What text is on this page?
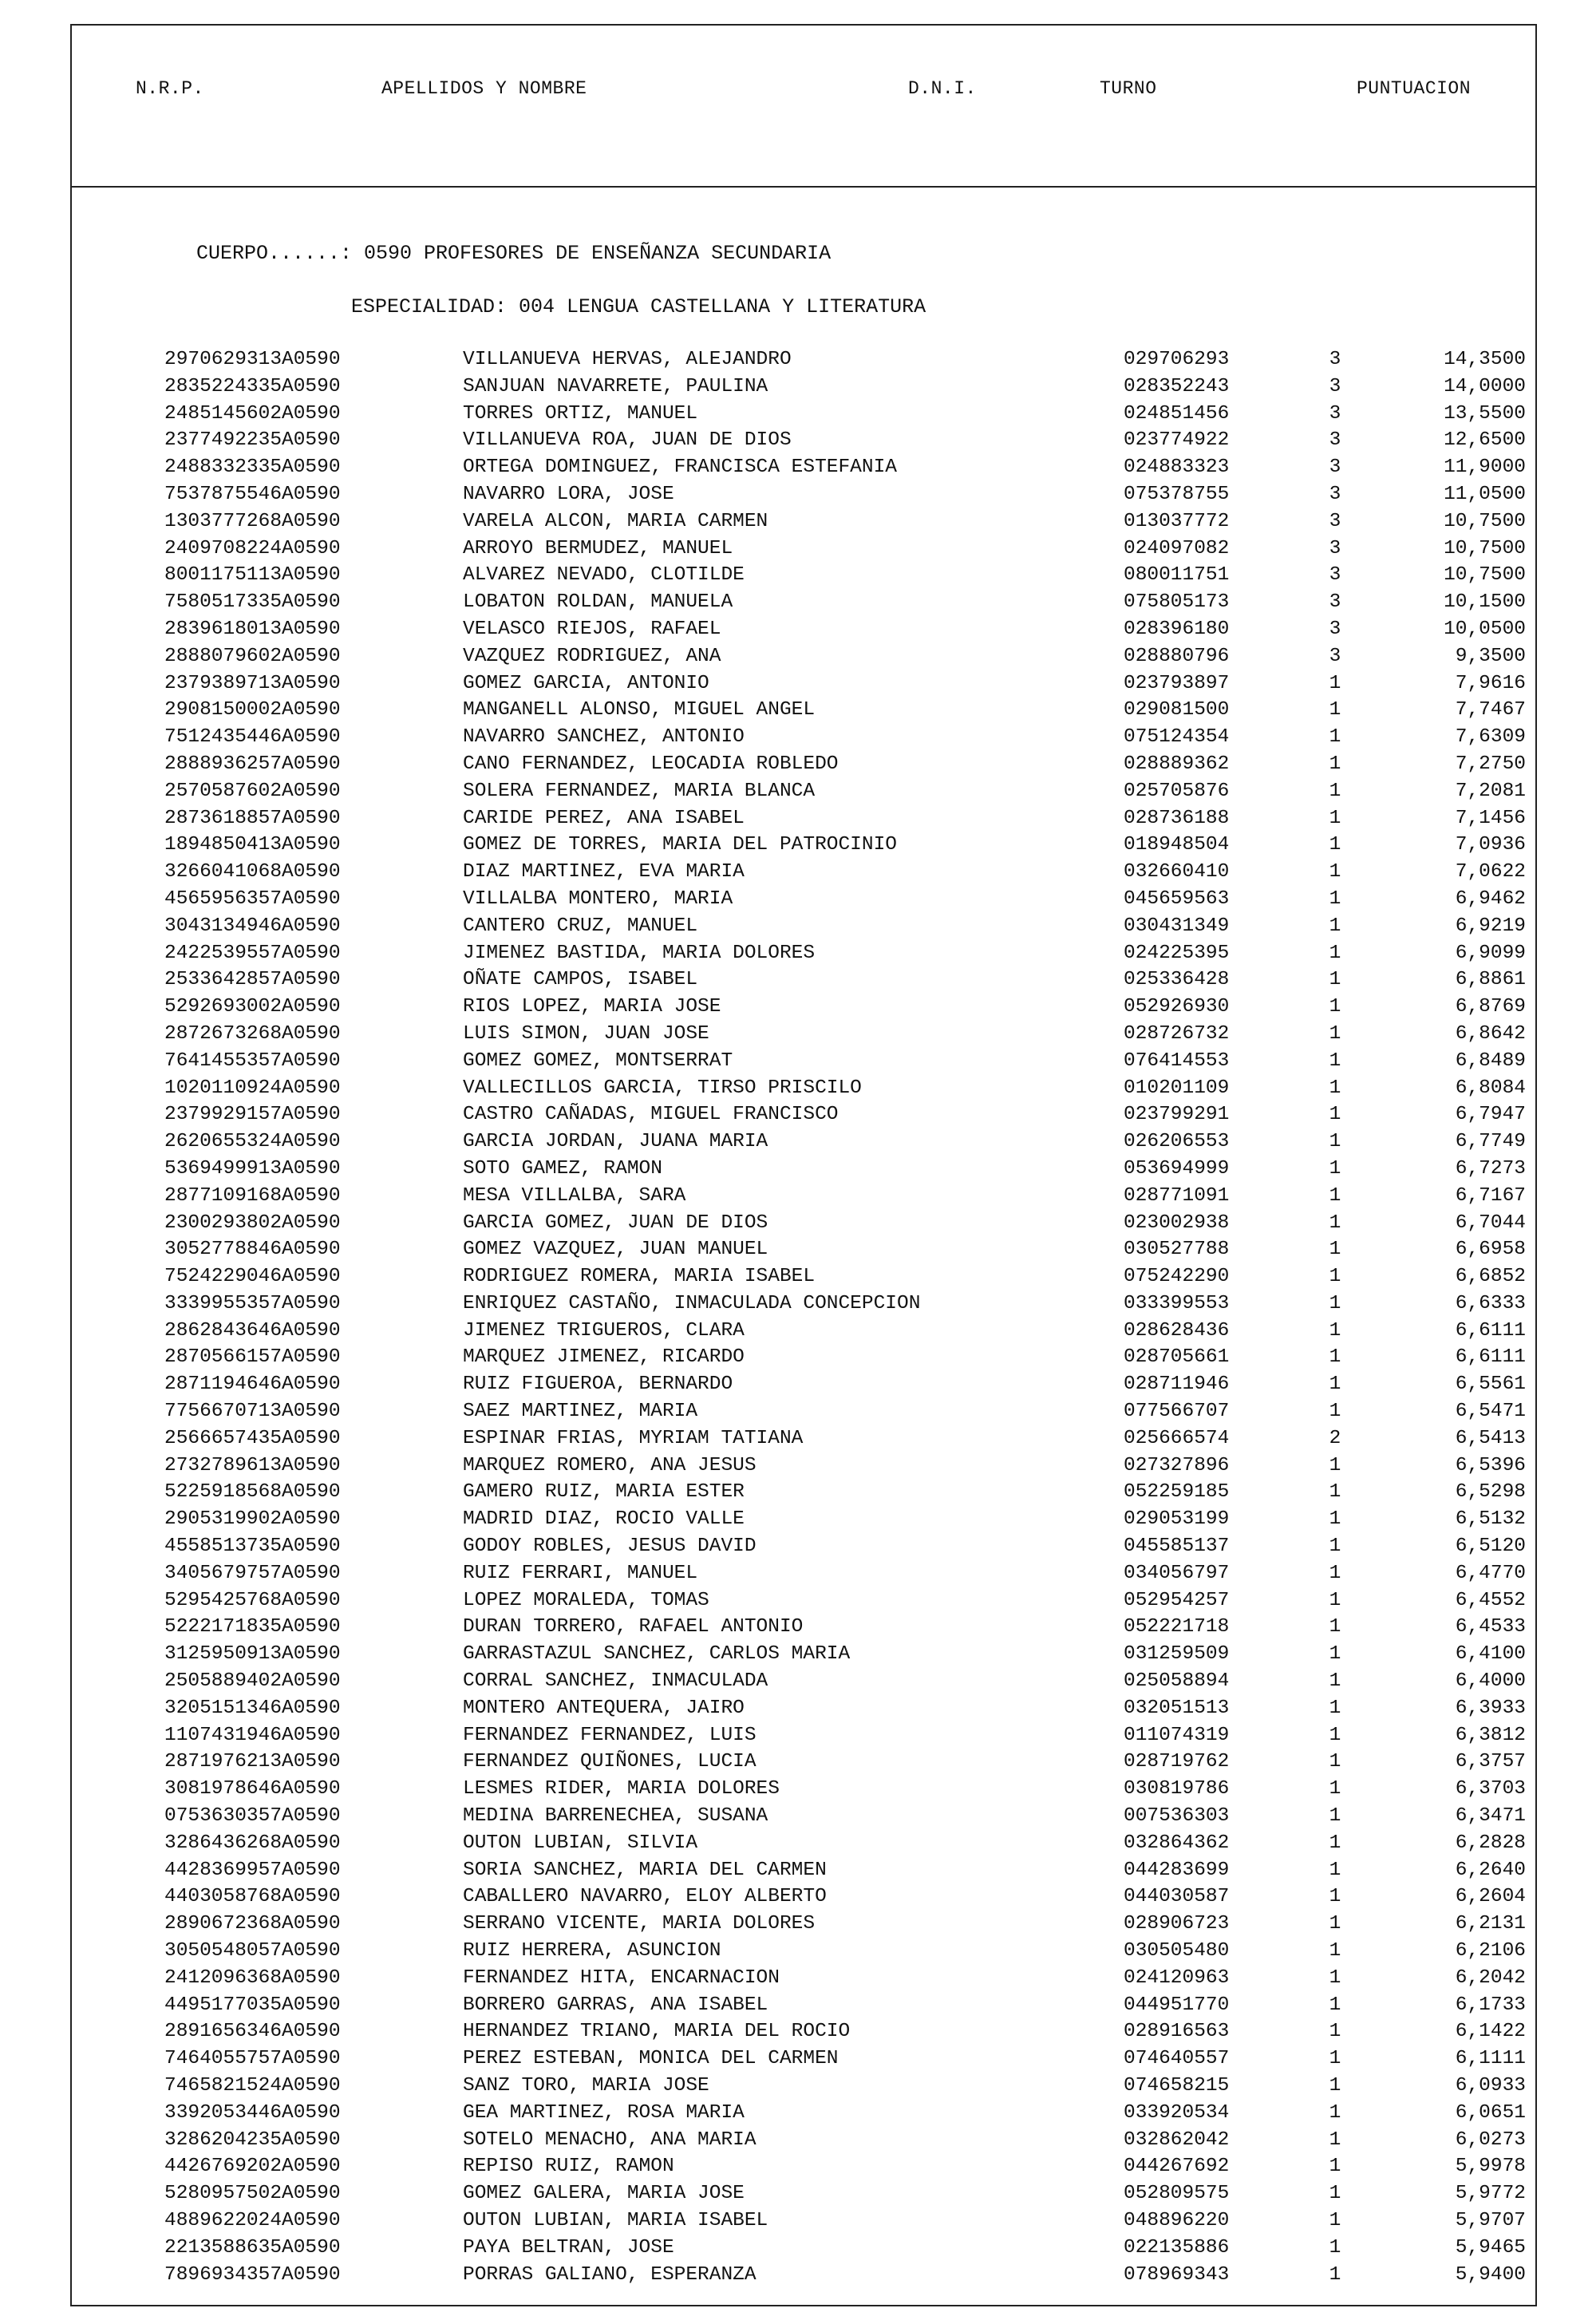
N.R.P.	APELLIDOS Y NOMBRE	D.N.I.	TURNO	PUNTUACION
CUERPO......: 0590 PROFESORES DE ENSEÑANZA SECUNDARIA
ESPECIALIDAD: 004 LENGUA CASTELLANA Y LITERATURA
2970629313A0590	VILLANUEVA HERVAS, ALEJANDRO	029706293	3	14,3500
2835224335A0590	SANJUAN NAVARRETE, PAULINA	028352243	3	14,0000
2485145602A0590	TORRES ORTIZ, MANUEL	024851456	3	13,5500
2377492235A0590	VILLANUEVA ROA, JUAN DE DIOS	023774922	3	12,6500
2488332335A0590	ORTEGA DOMINGUEZ, FRANCISCA ESTEFANIA	024883323	3	11,9000
7537875546A0590	NAVARRO LORA, JOSE	075378755	3	11,0500
1303777268A0590	VARELA ALCON, MARIA CARMEN	013037772	3	10,7500
2409708224A0590	ARROYO BERMUDEZ, MANUEL	024097082	3	10,7500
8001175113A0590	ALVAREZ NEVADO, CLOTILDE	080011751	3	10,7500
7580517335A0590	LOBATON ROLDAN, MANUELA	075805173	3	10,1500
2839618013A0590	VELASCO RIEJOS, RAFAEL	028396180	3	10,0500
2888079602A0590	VAZQUEZ RODRIGUEZ, ANA	028880796	3	9,3500
2379389713A0590	GOMEZ GARCIA, ANTONIO	023793897	1	7,9616
2908150002A0590	MANGANELL ALONSO, MIGUEL ANGEL	029081500	1	7,7467
7512435446A0590	NAVARRO SANCHEZ, ANTONIO	075124354	1	7,6309
2888936257A0590	CANO FERNANDEZ, LEOCADIA ROBLEDO	028889362	1	7,2750
2570587602A0590	SOLERA FERNANDEZ, MARIA BLANCA	025705876	1	7,2081
2873618857A0590	CARIDE PEREZ, ANA ISABEL	028736188	1	7,1456
1894850413A0590	GOMEZ DE TORRES, MARIA DEL PATROCINIO	018948504	1	7,0936
3266041068A0590	DIAZ MARTINEZ, EVA MARIA	032660410	1	7,0622
4565956357A0590	VILLALBA MONTERO, MARIA	045659563	1	6,9462
3043134946A0590	CANTERO CRUZ, MANUEL	030431349	1	6,9219
2422539557A0590	JIMENEZ BASTIDA, MARIA DOLORES	024225395	1	6,9099
2533642857A0590	OÑATE CAMPOS, ISABEL	025336428	1	6,8861
5292693002A0590	RIOS LOPEZ, MARIA JOSE	052926930	1	6,8769
2872673268A0590	LUIS SIMON, JUAN JOSE	028726732	1	6,8642
7641455357A0590	GOMEZ GOMEZ, MONTSERRAT	076414553	1	6,8489
1020110924A0590	VALLECILLOS GARCIA, TIRSO PRISCILO	010201109	1	6,8084
2379929157A0590	CASTRO CAÑADAS, MIGUEL FRANCISCO	023799291	1	6,7947
2620655324A0590	GARCIA JORDAN, JUANA MARIA	026206553	1	6,7749
5369499913A0590	SOTO GAMEZ, RAMON	053694999	1	6,7273
2877109168A0590	MESA VILLALBA, SARA	028771091	1	6,7167
2300293802A0590	GARCIA GOMEZ, JUAN DE DIOS	023002938	1	6,7044
3052778846A0590	GOMEZ VAZQUEZ, JUAN MANUEL	030527788	1	6,6958
7524229046A0590	RODRIGUEZ ROMERA, MARIA ISABEL	075242290	1	6,6852
3339955357A0590	ENRIQUEZ CASTAÑO, INMACULADA CONCEPCION	033399553	1	6,6333
2862843646A0590	JIMENEZ TRIGUEROS, CLARA	028628436	1	6,6111
2870566157A0590	MARQUEZ JIMENEZ, RICARDO	028705661	1	6,6111
2871194646A0590	RUIZ FIGUEROA, BERNARDO	028711946	1	6,5561
7756670713A0590	SAEZ MARTINEZ, MARIA	077566707	1	6,5471
2566657435A0590	ESPINAR FRIAS, MYRIAM TATIANA	025666574	2	6,5413
2732789613A0590	MARQUEZ ROMERO, ANA JESUS	027327896	1	6,5396
5225918568A0590	GAMERO RUIZ, MARIA ESTER	052259185	1	6,5298
2905319902A0590	MADRID DIAZ, ROCIO VALLE	029053199	1	6,5132
4558513735A0590	GODOY ROBLES, JESUS DAVID	045585137	1	6,5120
3405679757A0590	RUIZ FERRARI, MANUEL	034056797	1	6,4770
5295425768A0590	LOPEZ MORALEDA, TOMAS	052954257	1	6,4552
5222171835A0590	DURAN TORRERO, RAFAEL ANTONIO	052221718	1	6,4533
3125950913A0590	GARRASTAZUL SANCHEZ, CARLOS MARIA	031259509	1	6,4100
2505889402A0590	CORRAL SANCHEZ, INMACULADA	025058894	1	6,4000
3205151346A0590	MONTERO ANTEQUERA, JAIRO	032051513	1	6,3933
1107431946A0590	FERNANDEZ FERNANDEZ, LUIS	011074319	1	6,3812
2871976213A0590	FERNANDEZ QUIÑONES, LUCIA	028719762	1	6,3757
3081978646A0590	LESMES RIDER, MARIA DOLORES	030819786	1	6,3703
0753630357A0590	MEDINA BARRENECHEA, SUSANA	007536303	1	6,3471
3286436268A0590	OUTON LUBIAN, SILVIA	032864362	1	6,2828
4428369957A0590	SORIA SANCHEZ, MARIA DEL CARMEN	044283699	1	6,2640
4403058768A0590	CABALLERO NAVARRO, ELOY ALBERTO	044030587	1	6,2604
2890672368A0590	SERRANO VICENTE, MARIA DOLORES	028906723	1	6,2131
3050548057A0590	RUIZ HERRERA, ASUNCION	030505480	1	6,2106
2412096368A0590	FERNANDEZ HITA, ENCARNACION	024120963	1	6,2042
4495177035A0590	BORRERO GARRAS, ANA ISABEL	044951770	1	6,1733
2891656346A0590	HERNANDEZ TRIANO, MARIA DEL ROCIO	028916563	1	6,1422
7464055757A0590	PEREZ ESTEBAN, MONICA DEL CARMEN	074640557	1	6,1111
7465821524A0590	SANZ TORO, MARIA JOSE	074658215	1	6,0933
3392053446A0590	GEA MARTINEZ, ROSA MARIA	033920534	1	6,0651
3286204235A0590	SOTELO MENACHO, ANA MARIA	032862042	1	6,0273
4426769202A0590	REPISO RUIZ, RAMON	044267692	1	5,9978
5280957502A0590	GOMEZ GALERA, MARIA JOSE	052809575	1	5,9772
4889622024A0590	OUTON LUBIAN, MARIA ISABEL	048896220	1	5,9707
2213588635A0590	PAYA BELTRAN, JOSE	022135886	1	5,9465
7896934357A0590	PORRAS GALIANO, ESPERANZA	078969343	1	5,9400
